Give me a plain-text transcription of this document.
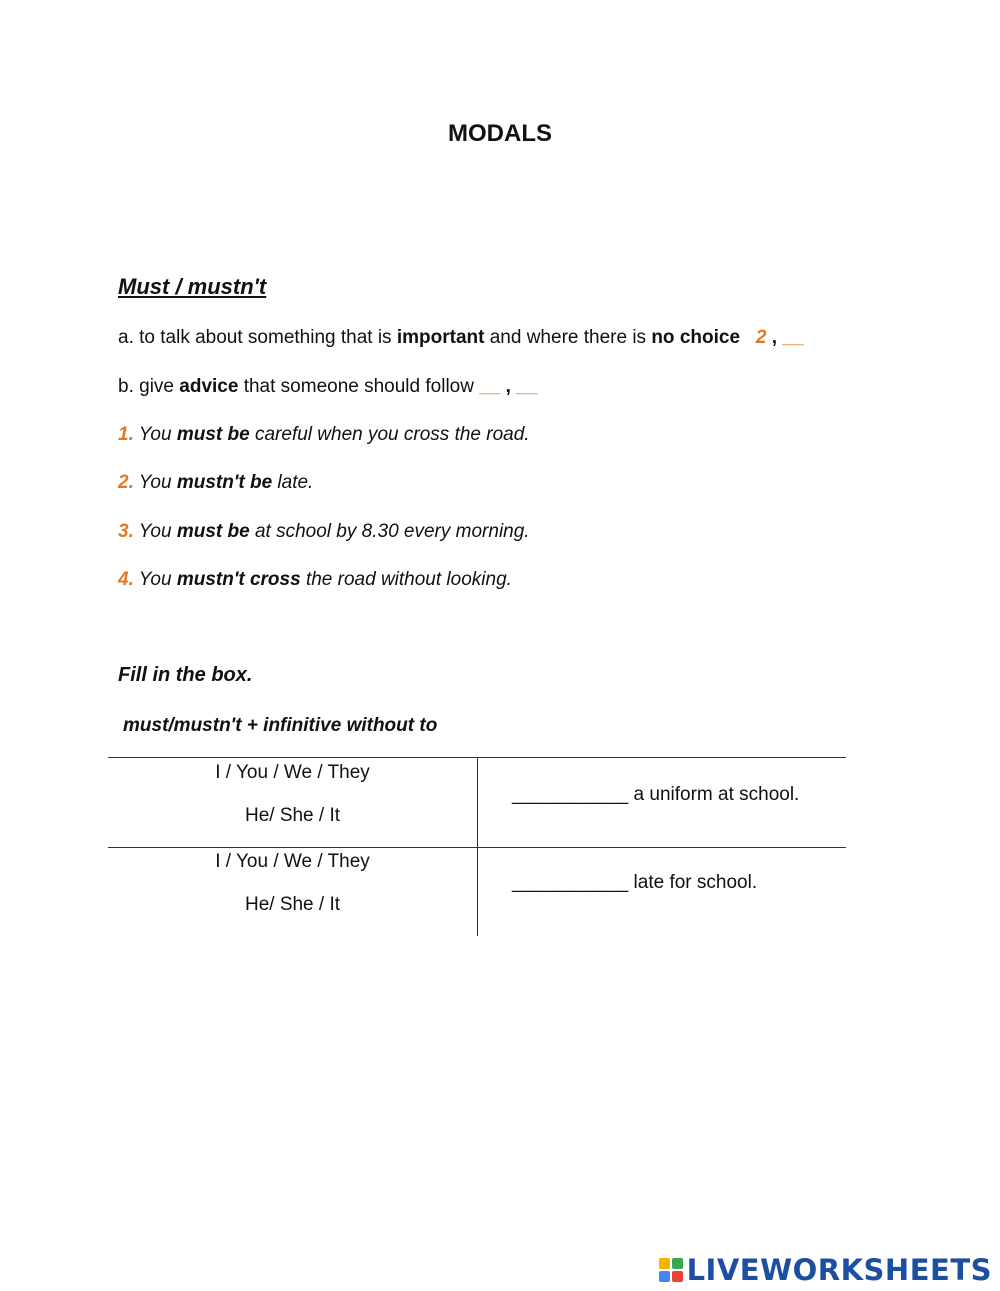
MODALS
Must / mustn't
a. to talk about something that is important and where there is no choice 2 , __
b. give advice that someone should follow __ , __
1. You must be careful when you cross the road.
2. You mustn't be late.
3. You must be at school by 8.30 every morning.
4. You mustn't cross the road without looking.
Fill in the box.
must/mustn't + infinitive without to
I / You / We / They
He/ She / It
___________ a uniform at school.
I / You / We / They
He/ She / It
___________ late for school.
LIVEWORKSHEETS
